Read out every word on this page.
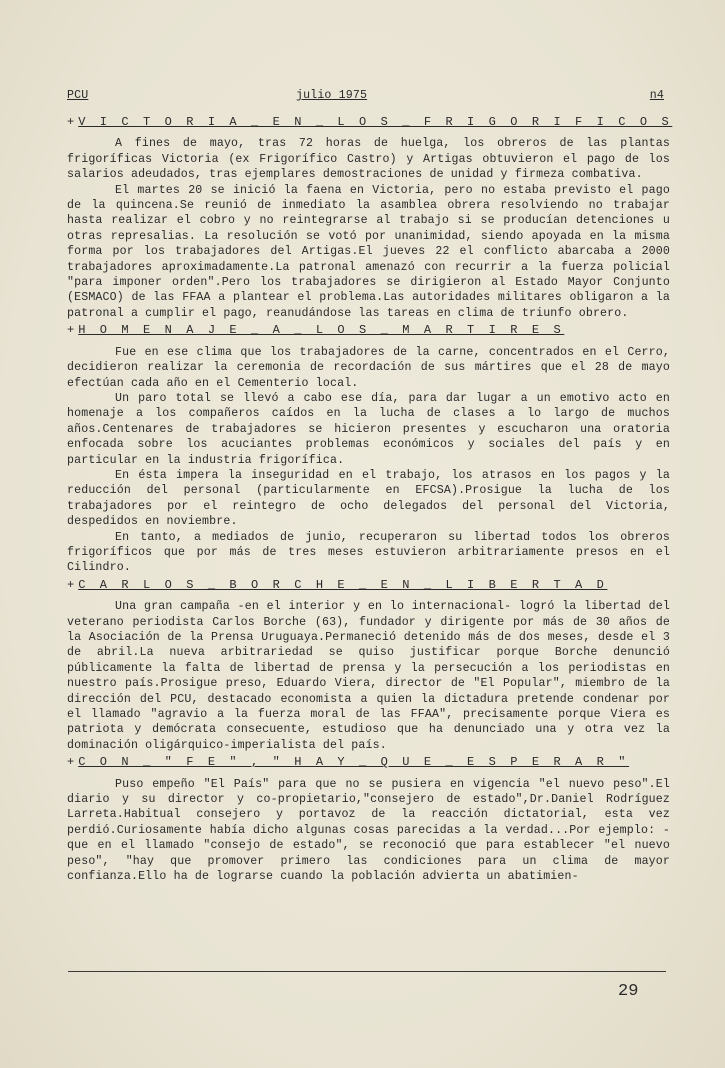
PCU	julio 1975	n4
+ V I C T O R I A _ E N _ L O S _ F R I G O R I F I C O S

A fines de mayo, tras 72 horas de huelga, los obreros de las plantas frigoríficas Victoria (ex Frigorífico Castro) y Artigas obtuvieron el pago de los salarios adeudados, tras ejemplares demostraciones de unidad y firmeza combativa.

El martes 20 se inició la faena en Victoria, pero no estaba previsto el pago de la quincena.Se reunió de inmediato la asamblea obrera resolviendo no trabajar hasta realizar el cobro y no reintegrarse al trabajo si se producían detenciones u otras represalias. La resolución se votó por unanimidad, siendo apoyada en la misma forma por los trabajadores del Artigas.El jueves 22 el conflicto abarcaba a 2000 trabajadores aproximadamente.La patronal amenazó con recurrir a la fuerza policial "para imponer orden".Pero los trabajadores se dirigieron al Estado Mayor Conjunto (ESMACO) de las FFAA a plantear el problema.Las autoridades militares obligaron a la patronal a cumplir el pago, reanudándose las tareas en clima de triunfo obrero.

+ H O M E N A J E _ A _ L O S _ M A R T I R E S

Fue en ese clima que los trabajadores de la carne, concentrados en el Cerro, decidieron realizar la ceremonia de recordación de sus mártires que el 28 de mayo efectúan cada año en el Cementerio local.

Un paro total se llevó a cabo ese día, para dar lugar a un emotivo acto en homenaje a los compañeros caídos en la lucha de clases a lo largo de muchos años.Centenares de trabajadores se hicieron presentes y escucharon una oratoria enfocada sobre los acuciantes problemas económicos y sociales del país y en particular en la industria frigorífica.

En ésta impera la inseguridad en el trabajo, los atrasos en los pagos y la reducción del personal (particularmente en EFCSA).Prosigue la lucha de los trabajadores por el reintegro de ocho delegados del personal del Victoria, despedidos en noviembre.

En tanto, a mediados de junio, recuperaron su libertad todos los obreros frigoríficos que por más de tres meses estuvieron arbitrariamente presos en el Cilindro.

+ C A R L O S _ B O R C H E _ E N _ L I B E R T A D

Una gran campaña -en el interior y en lo internacional- logró la libertad del veterano periodista Carlos Borche (63), fundador y dirigente por más de 30 años de la Asociación de la Prensa Uruguaya.Permaneció detenido más de dos meses, desde el 3 de abril.La nueva arbitrariedad se quiso justificar porque Borche denunció públicamente la falta de libertad de prensa y la persecución a los periodistas en nuestro país.Prosigue preso, Eduardo Viera, director de "El Popular", miembro de la dirección del PCU, destacado economista a quien la dictadura pretende condenar por el llamado "agravio a la fuerza moral de las FFAA", precisamente porque Viera es patriota y demócrata consecuente, estudioso que ha denunciado una y otra vez la dominación oligárquico-imperialista del país.

+ C O N _ " F E " , " H A Y _ Q U E _ E S P E R A R "

Puso empeño "El País" para que no se pusiera en vigencia "el nuevo peso".El diario y su director y co-propietario,"consejero de estado",Dr.Daniel Rodríguez Larreta.Habitual consejero y portavoz de la reacción dictatorial, esta vez perdió.Curiosamente había dicho algunas cosas parecidas a la verdad...Por ejemplo: -que en el llamado "consejo de estado", se reconoció que para establecer "el nuevo peso", "hay que promover primero las condiciones para un clima de mayor confianza.Ello ha de lograrse cuando la población advierta un abatimien-

29
